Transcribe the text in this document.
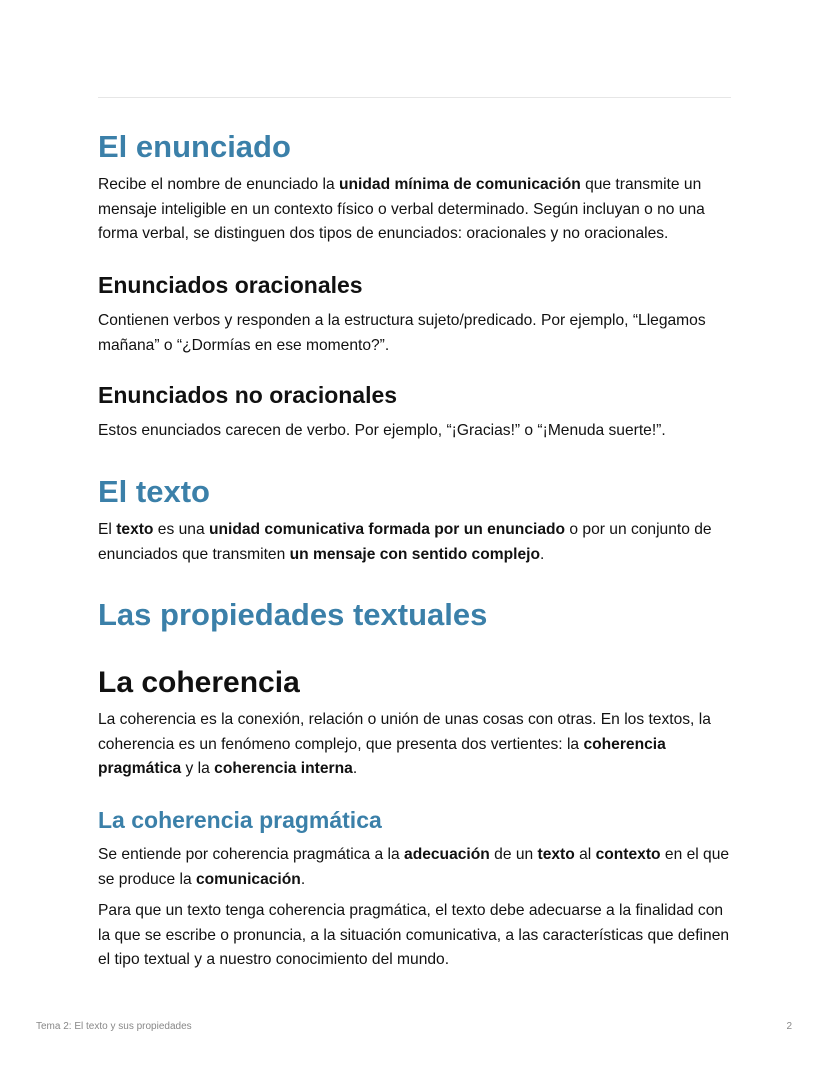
El enunciado

Recibe el nombre de enunciado la unidad mínima de comunicación que transmite un mensaje inteligible en un contexto físico o verbal determinado. Según incluyan o no una forma verbal, se distinguen dos tipos de enunciados: oracionales y no oracionales.

Enunciados oracionales

Contienen verbos y responden a la estructura sujeto/predicado. Por ejemplo, “Llegamos mañana” o “¿Dormías en ese momento?”.

Enunciados no oracionales

Estos enunciados carecen de verbo. Por ejemplo, “¡Gracias!” o “¡Menuda suerte!”.

El texto

El texto es una unidad comunicativa formada por un enunciado o por un conjunto de enunciados que transmiten un mensaje con sentido complejo.

Las propiedades textuales
La coherencia

La coherencia es la conexión, relación o unión de unas cosas con otras. En los textos, la coherencia es un fenómeno complejo, que presenta dos vertientes: la coherencia pragmática y la coherencia interna.

La coherencia pragmática

Se entiende por coherencia pragmática a la adecuación de un texto al contexto en el que se produce la comunicación.

Para que un texto tenga coherencia pragmática, el texto debe adecuarse a la finalidad con la que se escribe o pronuncia, a la situación comunicativa, a las características que definen el tipo textual y a nuestro conocimiento del mundo.

Tema 2: El texto y sus propiedades	2
